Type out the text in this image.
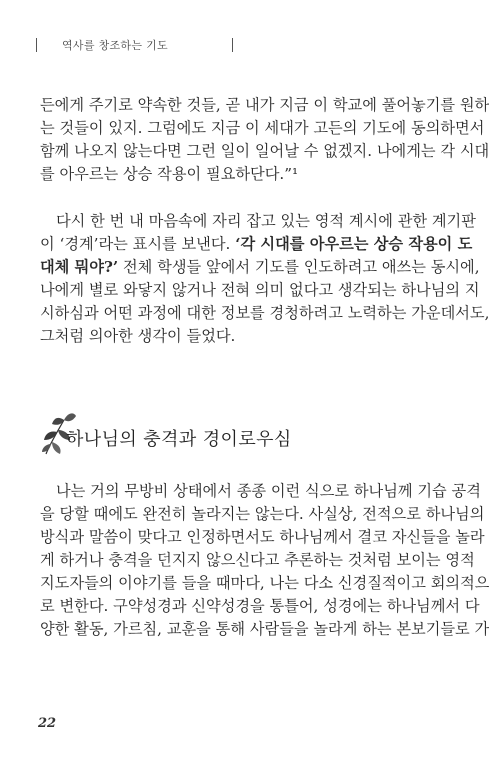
역사를 창조하는 기도
든에게 주기로 약속한 것들, 곧 내가 지금 이 학교에 풀어놓기를 원하
는 것들이 있지. 그럼에도 지금 이 세대가 고든의 기도에 동의하면서
함께 나오지 않는다면 그런 일이 일어날 수 없겠지. 나에게는 각 시대
를 아우르는 상승 작용이 필요하단다.”¹
다시 한 번 내 마음속에 자리 잡고 있는 영적 계시에 관한 계기판
이 ‘경계’라는 표시를 보낸다. ‘각 시대를 아우르는 상승 작용이 도
대체 뭐야?’ 전체 학생들 앞에서 기도를 인도하려고 애쓰는 동시에,
나에게 별로 와닿지 않거나 전혀 의미 없다고 생각되는 하나님의 지
시하심과 어떤 과정에 대한 정보를 경청하려고 노력하는 가운데서도,
그처럼 의아한 생각이 들었다.
하나님의 충격과 경이로우심
나는 거의 무방비 상태에서 종종 이런 식으로 하나님께 기습 공격
을 당할 때에도 완전히 놀라지는 않는다. 사실상, 전적으로 하나님의
방식과 말씀이 맞다고 인정하면서도 하나님께서 결코 자신들을 놀라
게 하거나 충격을 던지지 않으신다고 추론하는 것처럼 보이는 영적
지도자들의 이야기를 들을 때마다, 나는 다소 신경질적이고 회의적으
로 변한다. 구약성경과 신약성경을 통틀어, 성경에는 하나님께서 다
양한 활동, 가르침, 교훈을 통해 사람들을 놀라게 하는 본보기들로 가
22
